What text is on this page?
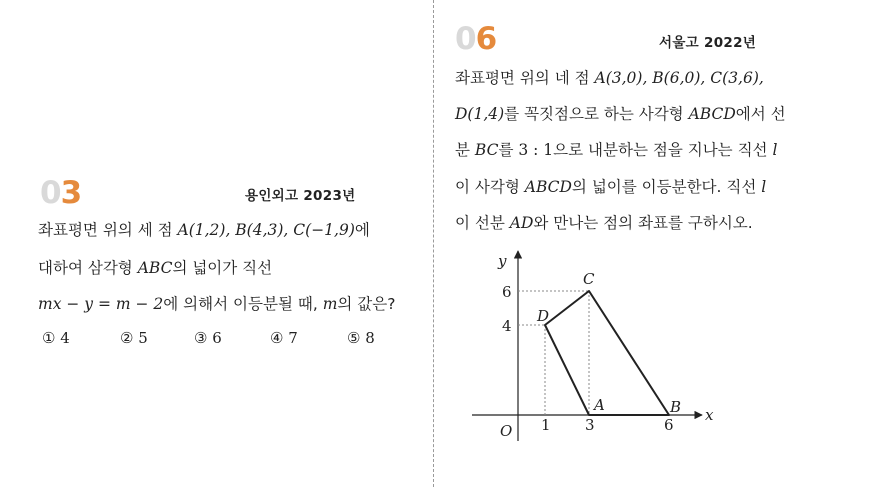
03	용인외고 2023년
좌표평면 위의 세 점 A(1,2), B(4,3), C(−1,9)에
대하여 삼각형 ABC의 넓이가 직선
mx − y = m − 2에 의해서 이등분될 때, m의 값은?
① 4	② 5	③ 6	④ 7	⑤ 8
06	서울고 2022년
좌표평면 위의 네 점 A(3,0), B(6,0), C(3,6),
D(1,4)를 꼭짓점으로 하는 사각형 ABCD에서 선
분 BC를 3 : 1으로 내분하는 점을 지나는 직선 l
이 사각형 ABCD의 넓이를 이등분한다. 직선 l
이 선분 AD와 만나는 점의 좌표를 구하시오.
x
y
O 1 3	6
4
6
A	B
C
D
